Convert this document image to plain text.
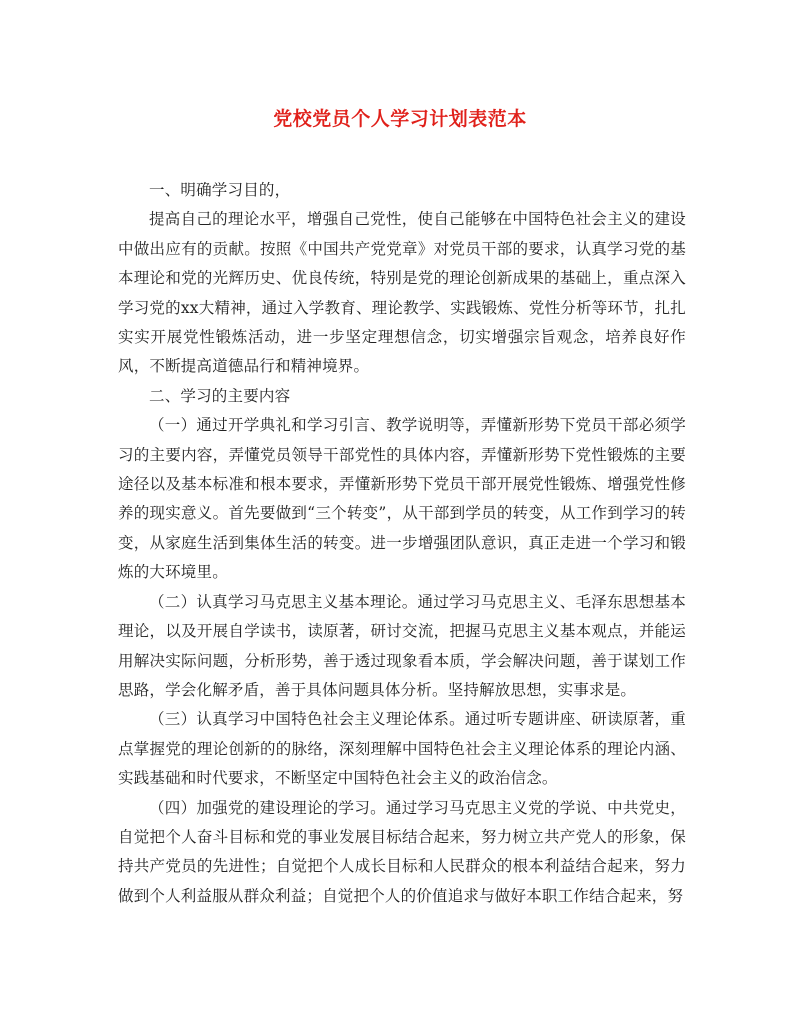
党校党员个人学习计划表范本

一、明确学习目的，

提高自己的理论水平，增强自己党性，使自己能够在中国特色社会主义的建设中做出应有的贡献。按照《中国共产党党章》对党员干部的要求，认真学习党的基本理论和党的光辉历史、优良传统，特别是党的理论创新成果的基础上，重点深入学习党的xx大精神，通过入学教育、理论教学、实践锻炼、党性分析等环节，扎扎实实开展党性锻炼活动，进一步坚定理想信念，切实增强宗旨观念，培养良好作风，不断提高道德品行和精神境界。

二、学习的主要内容

（一）通过开学典礼和学习引言、教学说明等，弄懂新形势下党员干部必须学习的主要内容，弄懂党员领导干部党性的具体内容，弄懂新形势下党性锻炼的主要途径以及基本标准和根本要求，弄懂新形势下党员干部开展党性锻炼、增强党性修养的现实意义。首先要做到“三个转变”，从干部到学员的转变，从工作到学习的转变，从家庭生活到集体生活的转变。进一步增强团队意识，真正走进一个学习和锻炼的大环境里。

（二）认真学习马克思主义基本理论。通过学习马克思主义、毛泽东思想基本理论，以及开展自学读书，读原著，研讨交流，把握马克思主义基本观点，并能运用解决实际问题，分析形势，善于透过现象看本质，学会解决问题，善于谋划工作思路，学会化解矛盾，善于具体问题具体分析。坚持解放思想，实事求是。

（三）认真学习中国特色社会主义理论体系。通过听专题讲座、研读原著，重点掌握党的理论创新的的脉络，深刻理解中国特色社会主义理论体系的理论内涵、实践基础和时代要求，不断坚定中国特色社会主义的政治信念。

（四）加强党的建设理论的学习。通过学习马克思主义党的学说、中共党史，自觉把个人奋斗目标和党的事业发展目标结合起来，努力树立共产党人的形象，保持共产党员的先进性；自觉把个人成长目标和人民群众的根本利益结合起来，努力做到个人利益服从群众利益；自觉把个人的价值追求与做好本职工作结合起来，努
